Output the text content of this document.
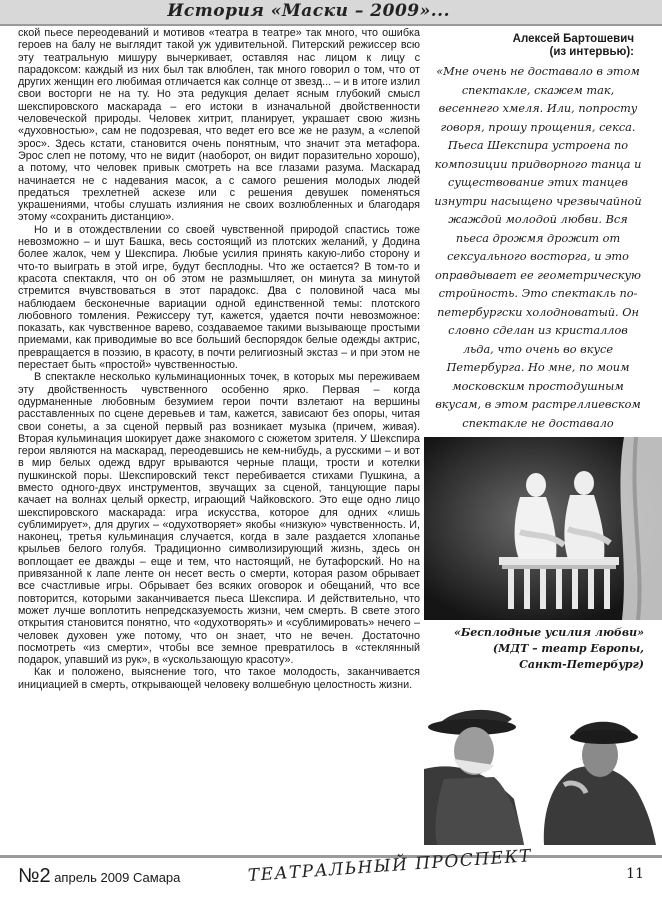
История «Маски – 2009»...

ской пьесе переодеваний и мотивов «театра в театре» так много, что ошибка героев на балу не выглядит такой уж удивительной. Питерский режиссер всю эту театральную мишуру вычеркивает, оставляя нас лицом к лицу с парадоксом: каждый из них был так влюблен, так много говорил о том, что от других женщин его любимая отличается как солнце от звезд... – и в итоге излил свои восторги не на ту. Но эта редукция делает ясным глубокий смысл шекспировского маскарада – его истоки в изначальной двойственности человеческой природы. Человек хитрит, планирует, украшает свою жизнь «духовностью», сам не подозревая, что ведет его все же не разум, а «слепой эрос». Здесь кстати, становится очень понятным, что значит эта метафора. Эрос слеп не потому, что не видит (наоборот, он видит поразительно хорошо), а потому, что человек привык смотреть на все глазами разума. Маскарад начинается не с надевания масок, а с самого решения молодых людей предаться трехлетней аскезе или с решения девушек поменяться украшениями, чтобы слушать излияния не своих возлюбленных и благодаря этому «сохранить дистанцию».

Но и в отождествлении со своей чувственной природой спастись тоже невозможно – и шут Башка, весь состоящий из плотских желаний, у Додина более жалок, чем у Шекспира. Любые усилия принять какую-либо сторону и что-то выиграть в этой игре, будут бесплодны. Что же остается? В том-то и красота спектакля, что он об этом не размышляет, он минута за минутой стремится вчувствоваться в этот парадокс. Два с половиной часа мы наблюдаем бесконечные вариации одной единственной темы: плотского любовного томления. Режиссеру тут, кажется, удается почти невозможное: показать, как чувственное варево, создаваемое такими вызывающе простыми приемами, как приводимые во все больший беспорядок белые одежды актрис, превращается в поэзию, в красоту, в почти религиозный экстаз – и при этом не перестает быть «простой» чувственностью.

В спектакле несколько кульминационных точек, в которых мы переживаем эту двойственность чувственного особенно ярко. Первая – когда одурманенные любовным безумием герои почти взлетают на вершины расставленных по сцене деревьев и там, кажется, зависают без опоры, читая свои сонеты, а за сценой первый раз возникает музыка (причем, живая). Вторая кульминация шокирует даже знакомого с сюжетом зрителя. У Шекспира герои являются на маскарад, переодевшись не кем-нибудь, а русскими – и вот в мир белых одежд вдруг врываются черные плащи, трости и котелки пушкинской поры. Шекспировский текст перебивается стихами Пушкина, а вместо одного-двух инструментов, звучащих за сценой, танцующие пары качает на волнах целый оркестр, играющий Чайковского. Это еще одно лицо шекспировского маскарада: игра искусства, которое для одних «лишь сублимирует», для других – «одухотворяет» якобы «низкую» чувственность. И, наконец, третья кульминация случается, когда в зале раздается хлопанье крыльев белого голубя. Традиционно символизирующий жизнь, здесь он воплощает ее дважды – еще и тем, что настоящий, не бутафорский. Но на привязанной к лапе ленте он несет весть о смерти, которая разом обрывает все счастливые игры. Обрывает без всяких оговорок и обещаний, что все повторится, которыми заканчивается пьеса Шекспира. И действительно, что может лучше воплотить непредсказуемость жизни, чем смерть. В свете этого открытия становится понятно, что «одухотворять» и «сублимировать» нечего – человек духовен уже потому, что он знает, что не вечен. Достаточно посмотреть «из смерти», чтобы все земное превратилось в «стеклянный подарок, упавший из рук», в «ускользающую красоту».

Как и положено, выяснение того, что такое молодость, заканчивается инициацией в смерть, открывающей человеку волшебную целостность жизни.

Алексей Бартошевич
(из интервью):
«Мне очень не доставало в этом спектакле, скажем так, весеннего хмеля. Или, попросту говоря, прошу прощения, секса. Пьеса Шекспира устроена по композиции придворного танца и существование этих танцев изнутри насыщено чрезвычайной жаждой молодой любви. Вся пьеса дрожмя дрожит от сексуального восторга, и это оправдывает ее геометрическую стройность. Это спектакль по-петербургски холодноватый. Он словно сделан из кристаллов льда, что очень во вкусе Петербурга. Но мне, по моим московским простодушным вкусам, в этом растреллиевском спектакле не доставало
«Бесплодные усилия любви»
(МДТ – театр Европы,
Санкт-Петербург)
№2 апрель 2009 Самара	ТЕАТРАЛЬНЫЙ ПРОСПЕКТ	11
